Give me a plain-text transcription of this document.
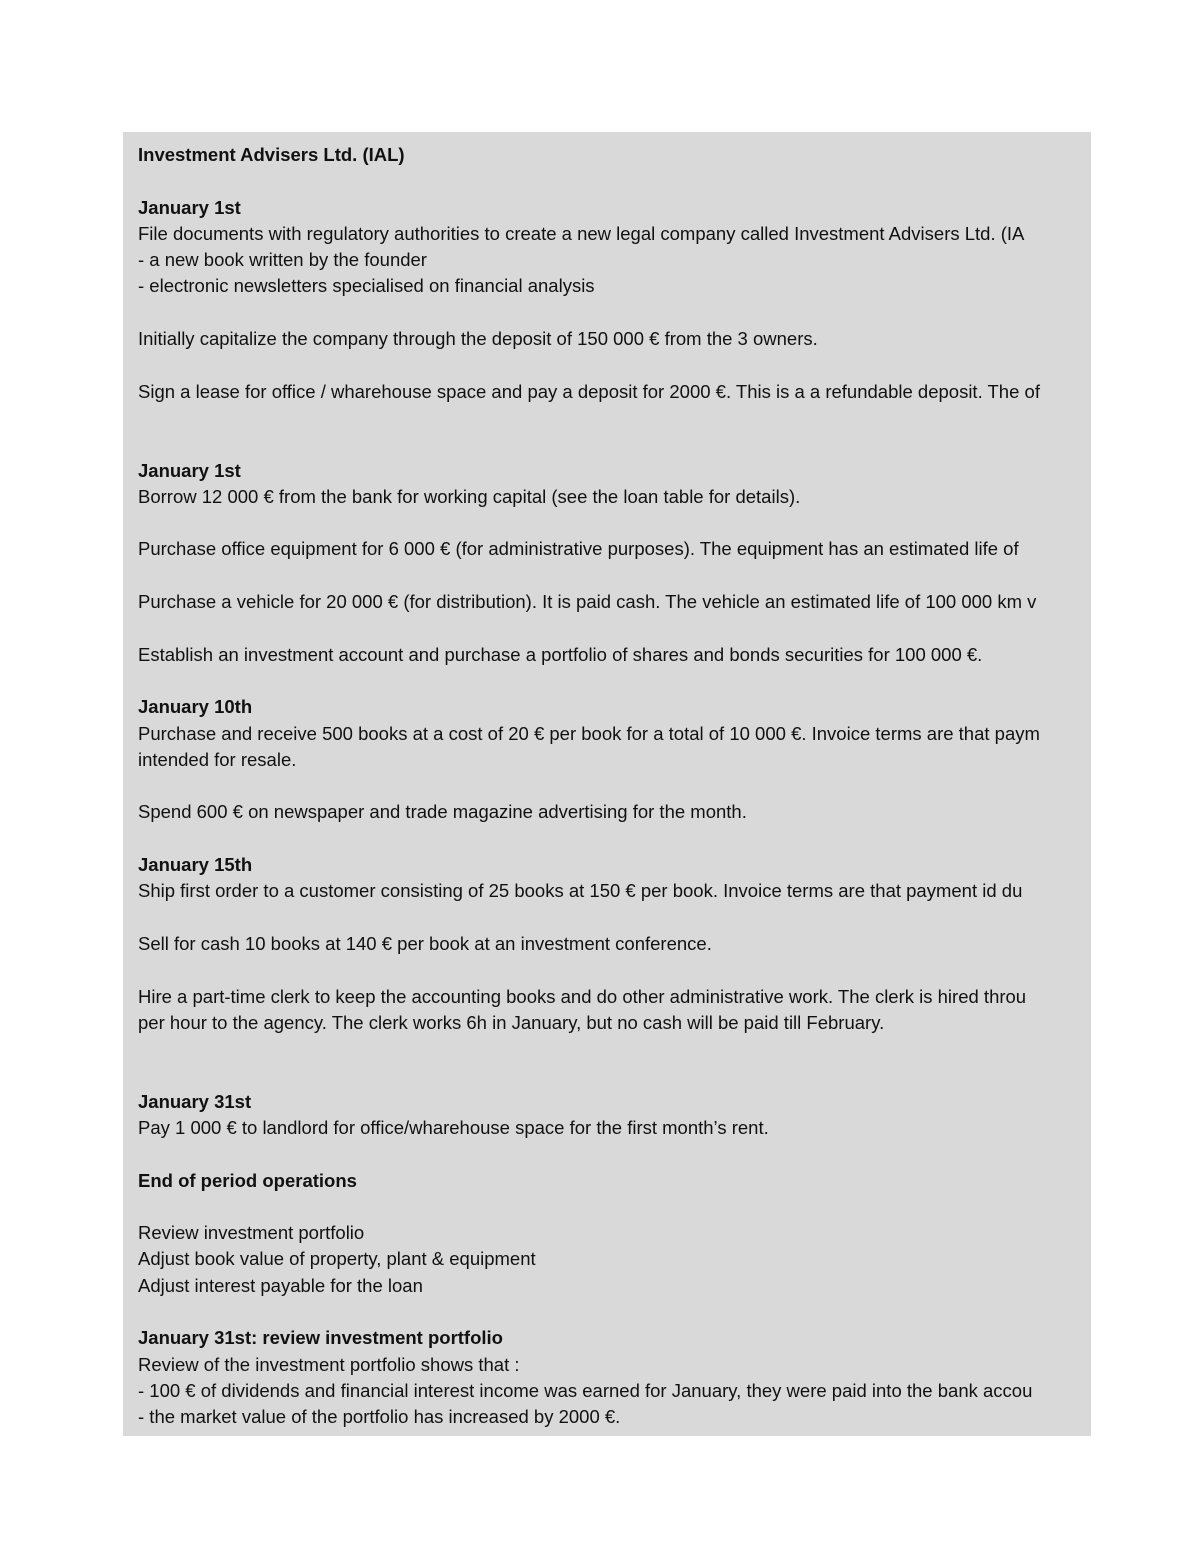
Investment Advisers Ltd. (IAL)
January 1st
File documents with regulatory authorities to create a new legal company called Investment Advisers Ltd. (IA
- a new book written by the founder
- electronic newsletters specialised on financial analysis
Initially capitalize the company through the deposit of 150 000 € from the 3 owners.
Sign a lease for office / wharehouse space and pay a deposit for 2000 €. This is a a refundable deposit. The of
January 1st
Borrow 12 000 € from the bank for working capital (see the loan table for details).
Purchase office equipment for 6 000 € (for administrative purposes). The equipment has an estimated life of
Purchase a vehicle for 20 000 € (for distribution). It is paid cash. The vehicle an estimated life of 100 000 km v
Establish an investment account and purchase a portfolio of shares and bonds securities for 100 000 €.
January 10th
Purchase and receive 500 books at a cost of 20 € per book for a total of 10 000 €. Invoice terms are that paym
intended for resale.
Spend 600 € on newspaper and trade magazine advertising for the month.
January 15th
Ship first order to a customer consisting of 25 books at 150 € per book. Invoice terms are that payment id du
Sell for cash 10 books at 140 € per book at an investment conference.
Hire a part-time clerk to keep the accounting books and do other administrative work. The clerk is hired throu
per hour to the agency. The clerk works 6h in January, but no cash will be paid till February.
January 31st
Pay 1 000 € to landlord for office/wharehouse space for the first month’s rent.
End of period operations
Review investment portfolio
Adjust book value of property, plant & equipment
Adjust interest payable for the loan
January 31st: review investment portfolio
Review of the investment portfolio shows that :
- 100 € of dividends and financial interest income was earned for January, they were paid into the bank accou
- the market value of the portfolio has increased by 2000 €.
